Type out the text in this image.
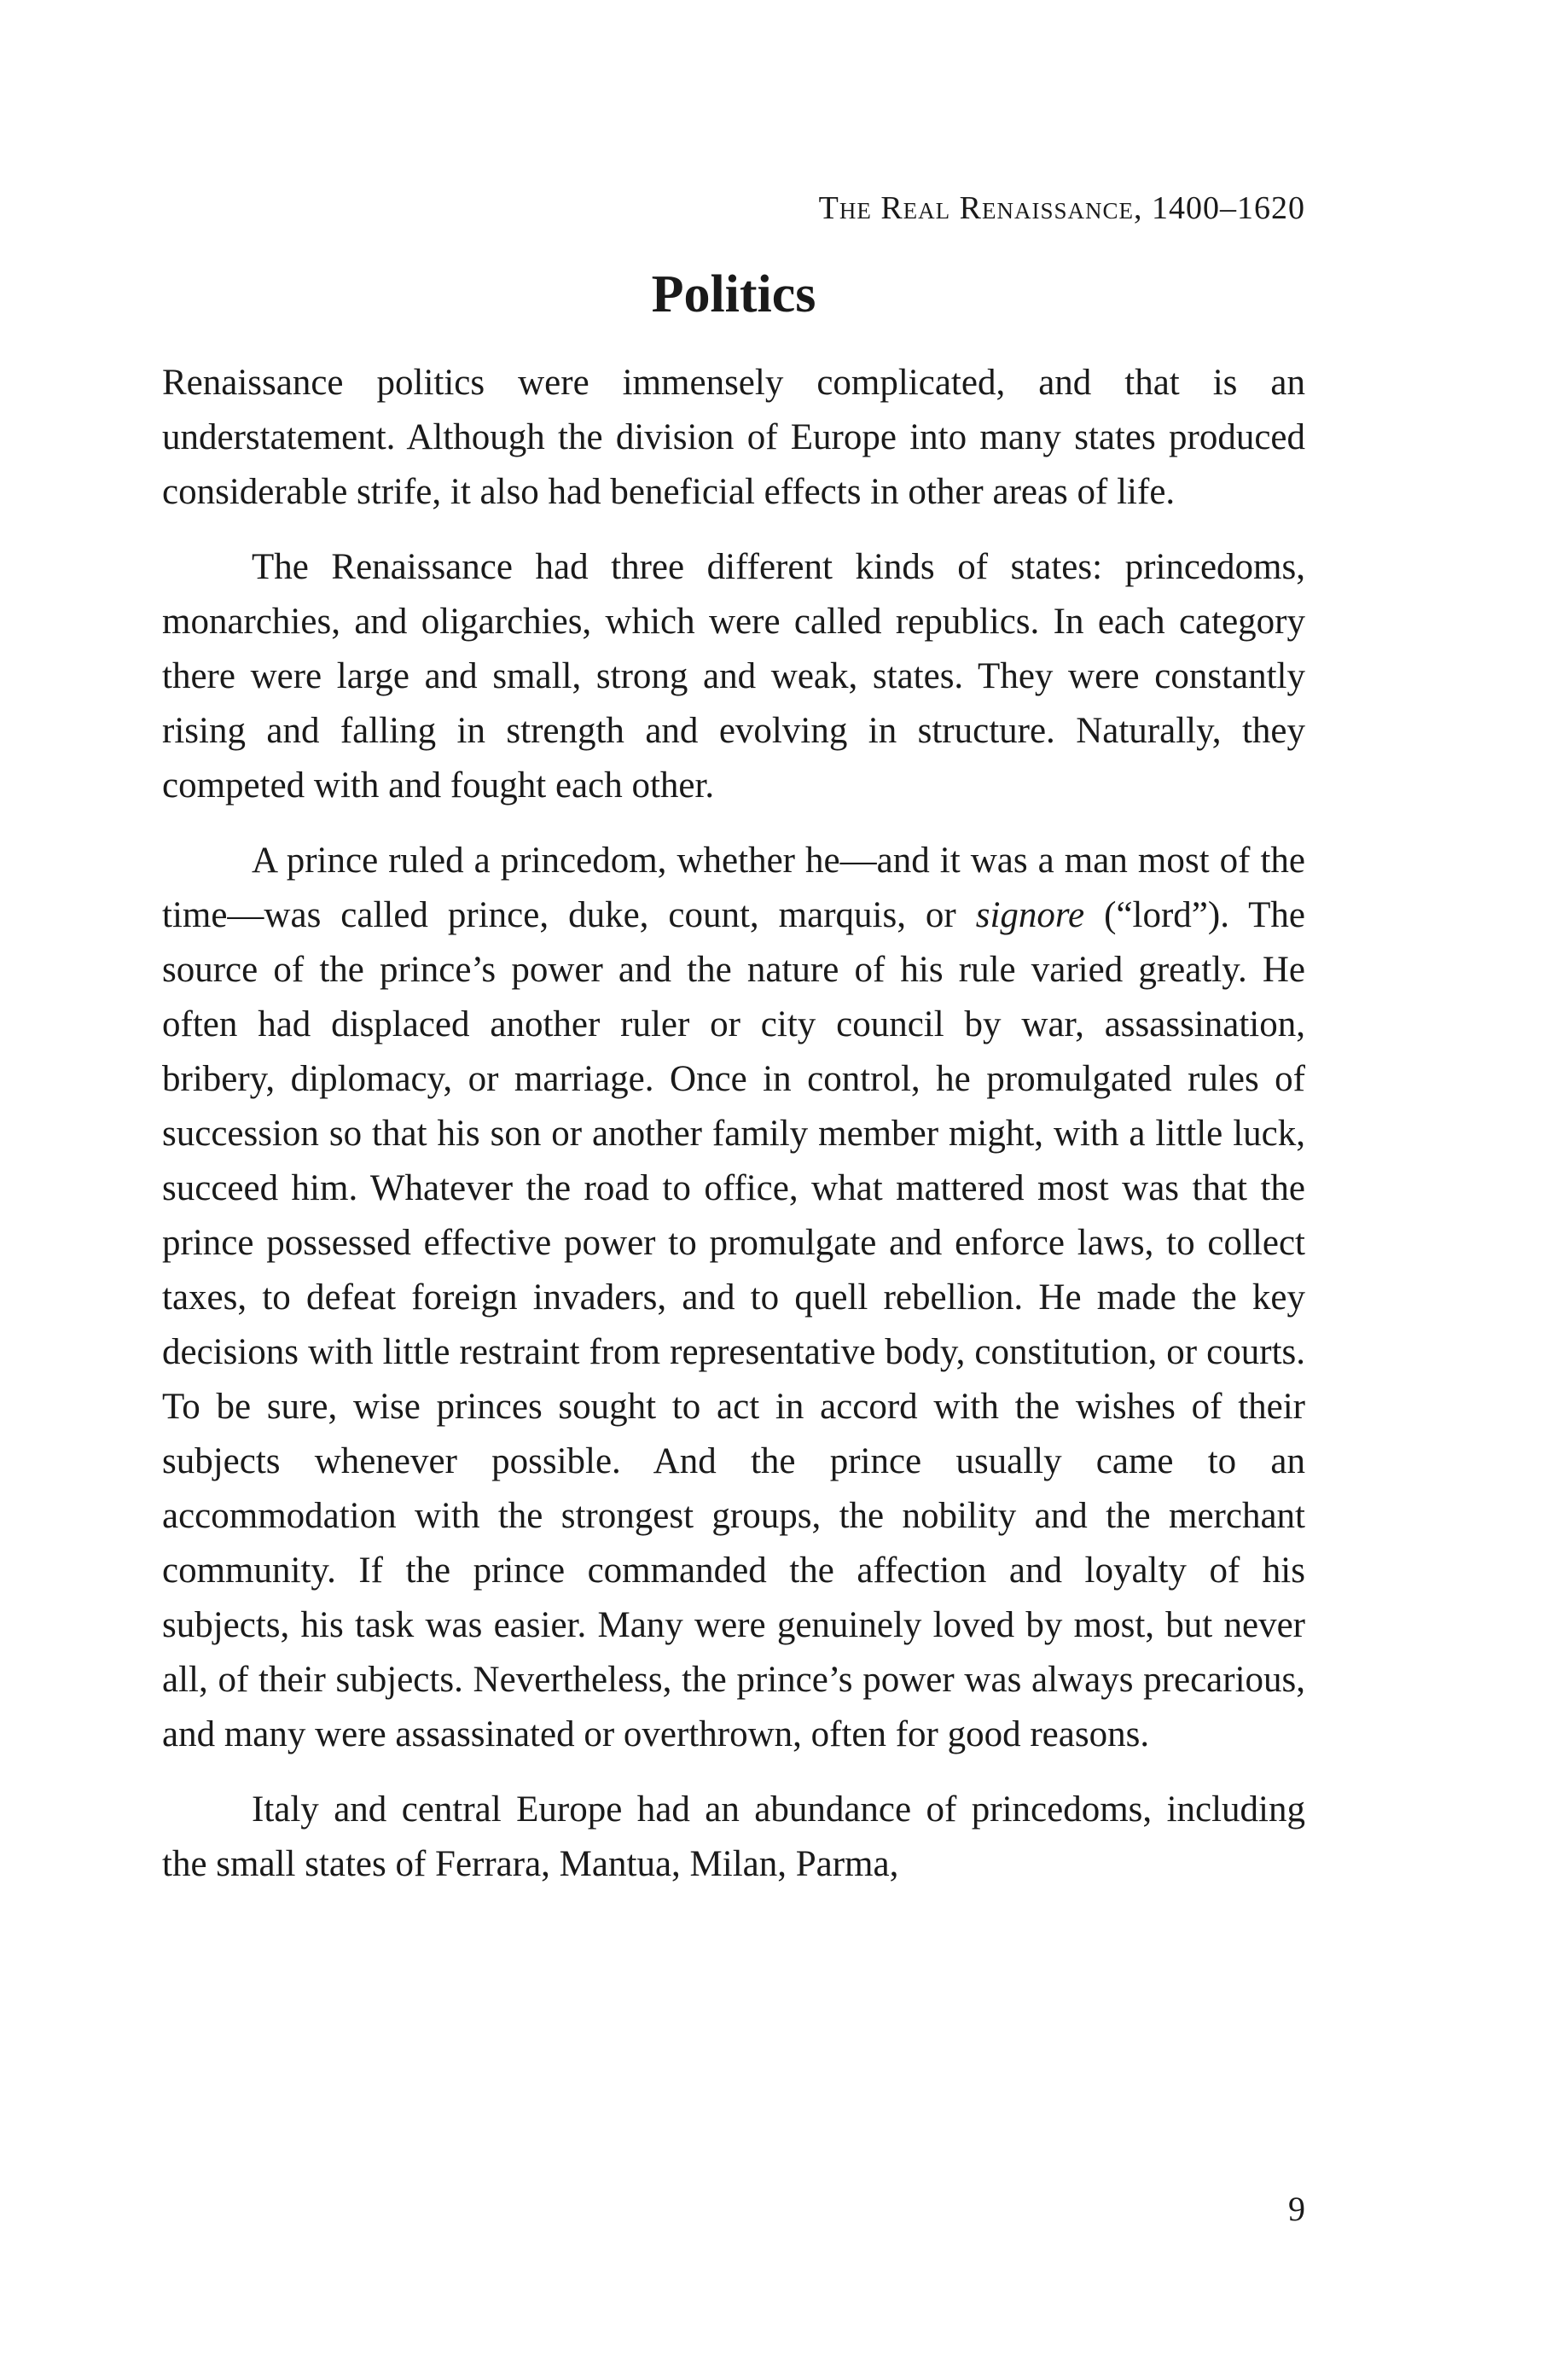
The Real Renaissance, 1400–1620
Politics

Renaissance politics were immensely complicated, and that is an understatement. Although the division of Europe into many states produced considerable strife, it also had beneficial effects in other areas of life.

The Renaissance had three different kinds of states: princedoms, monarchies, and oligarchies, which were called republics. In each category there were large and small, strong and weak, states. They were constantly rising and falling in strength and evolving in structure. Naturally, they competed with and fought each other.

A prince ruled a princedom, whether he—and it was a man most of the time—was called prince, duke, count, marquis, or signore (“lord”). The source of the prince’s power and the nature of his rule varied greatly. He often had displaced another ruler or city council by war, assassination, bribery, diplomacy, or marriage. Once in control, he promulgated rules of succession so that his son or another family member might, with a little luck, succeed him. Whatever the road to office, what mattered most was that the prince possessed effective power to promulgate and enforce laws, to collect taxes, to defeat foreign invaders, and to quell rebellion. He made the key decisions with little restraint from representative body, constitution, or courts. To be sure, wise princes sought to act in accord with the wishes of their subjects whenever possible. And the prince usually came to an accommodation with the strongest groups, the nobility and the merchant community. If the prince commanded the affection and loyalty of his subjects, his task was easier. Many were genuinely loved by most, but never all, of their subjects. Nevertheless, the prince’s power was always precarious, and many were assassinated or overthrown, often for good reasons.

Italy and central Europe had an abundance of princedoms, including the small states of Ferrara, Mantua, Milan, Parma,

9
